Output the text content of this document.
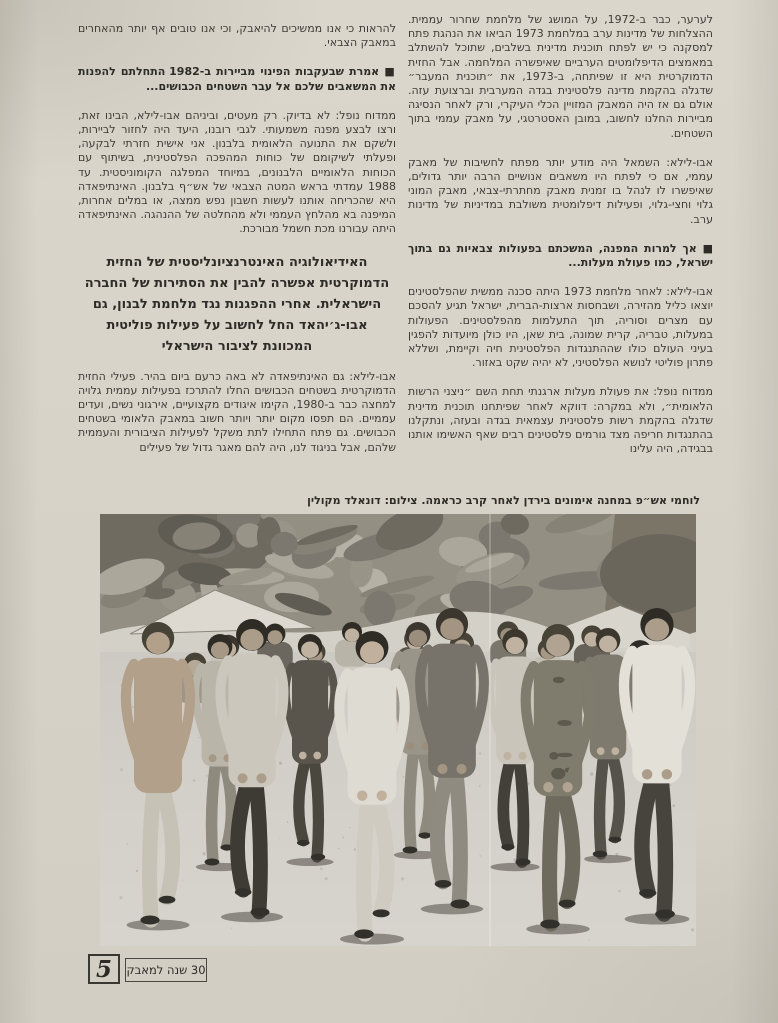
לערער, כבר ב-1972, על המושג של מלחמת שחרור עממית. ההצלחות של מדינות ערב במלחמת 1973 הביאו את הנהגת פתח למסקנה כי יש לפתח תוכנית מדינית בשלבים, שתוכל להשתלב במאמצים הדיפלומטים הערביים שאיפשרה המלחמה. אבל החזית הדמוקרטית היא זו שפיתחה, ב-1973, את ״תוכנית המעבר״ שדגלה בהקמת מדינה פלסטינית בגדה המערבית וברצועת עזה. אולם גם אז היה המאבק המזויין הכלי העיקרי, ורק לאחר הנסיגה מביירות החלנו לחשוב, במובן האסטרטגי, על מאבק עממי בתוך השטחים.

אבו-לילא: השמאל היה מודע יותר מפתח לחשיבות של מאבק עממי, אם כי לפתח היו משאבים אנושיים הרבה יותר גדולים, שאיפשרו לו לנהל בו זמנית מאבק מחתרתי-צבאי, מאבק המוני גלוי וחצי-גלוי, ופעילות דיפלומטית משולבת במדיניות של מדינות ערב.

■ אך למרות המפנה, המשכתם בפעולות צבאיות גם בתוך ישראל, כמו פעולת מעלות...

אבו-לילא: לאחר מלחמת 1973 היתה סכנה ממשית שהפלסטינים יוצאו כליל מהזירה, ושבחסות ארצות-הברית, ישראל תגיע להסכם עם מצרים וסוריה, תוך התעלמות מהפלסטינים. הפעולות במעלות, טבריה, קרית שמונה, בית שאן, היו כולן מיועדות להפגין בעיני העולם כולו שההתנגדות הפלסטינית חיה וקיימת, ושללא פתרון פוליטי לנושא הפלסטיני, לא יהיה שקט באזור.

ממדוח נופל: את פעולת מעלות ארגנתי תחת השם ״ניצני הרשות הלאומית״, ולא במקרה: דווקא לאחר שפיתחנו תוכנית מדינית שדגלה בהקמת רשות פלסטינית עצמאית בגדה ובעזה, ונתקלנו בהתנגדות חריפה מצד גורמים פלסטינים רבים שאף האשימו אותנו בבגידה, היה עלינו

להראות כי אנו ממשיכים להיאבק, וכי אנו טובים אף יותר מהאחרים במאבק הצבאי.

■ אמרת שבעקבות הפינוי מביירות ב-1982 התחלתם להפנות את המשאבים שלכם אל עבר השטחים הכבושים...

ממדוח נופל: לא בדיוק. רק מעטים, וביניהם אבו-לילא, הבינו זאת, ורצו לבצע מפנה משמעותי. לגבי רובנו, היעד היה לחזור לביירות, ולשקם את התנועה הלאומית בלבנון. אני אישית חזרתי לבקעה, ופעלתי לשיקומם של כוחות המהפכה הפלסטינית, בשיתוף עם הכוחות הלאומיים הלבנונים, במיוחד המפלגה הקומוניסטית. עד 1988 עמדתי בראש המטה הצבאי של אש״ף בלבנון. האינתיפאדה היא שהכריחה אותנו לעשות חשבון נפש ממצה, או במלים אחרות, המיפנה בא מהלחץ העממי ולא מהחלטה של ההנהגה. האינתיפאדה היתה עבורנו מכת חשמל מבורכת.

האידיאולוגיה האינטרנציונליסטית של החזית הדמוקרטית אפשרה להבין את הסתירות של החברה הישראלית. אחרי ההפגנות נגד מלחמת לבנון, גם אבו-ג׳יהאד החל לחשוב על פעילות פוליטית המכוונת לציבור הישראלי

אבו-לילא: גם האינתיפאדה לא באה כרעם ביום בהיר. פעילי החזית הדמוקרטית בשטחים הכבושים החלו להתרכז בפעילות עממית גלויה למחצה כבר ב-1980, הקימו איגודים מקצועיים, אירגוני נשים, ועדים עממיים. הם תפסו מקום יותר ויותר חשוב במאבק הלאומי בשטחים הכבושים. גם פתח התחילו לתת משקל לפעילות הציבורית והעממית שלהם, אבל בניגוד לנו, היה להם מאגר גדול של פעילים

לוחמי אש״פ במחנה אימונים בירדן לאחר קרב כראמה. צילום: דונאלד מקולין
5	30 שנה למאבק
